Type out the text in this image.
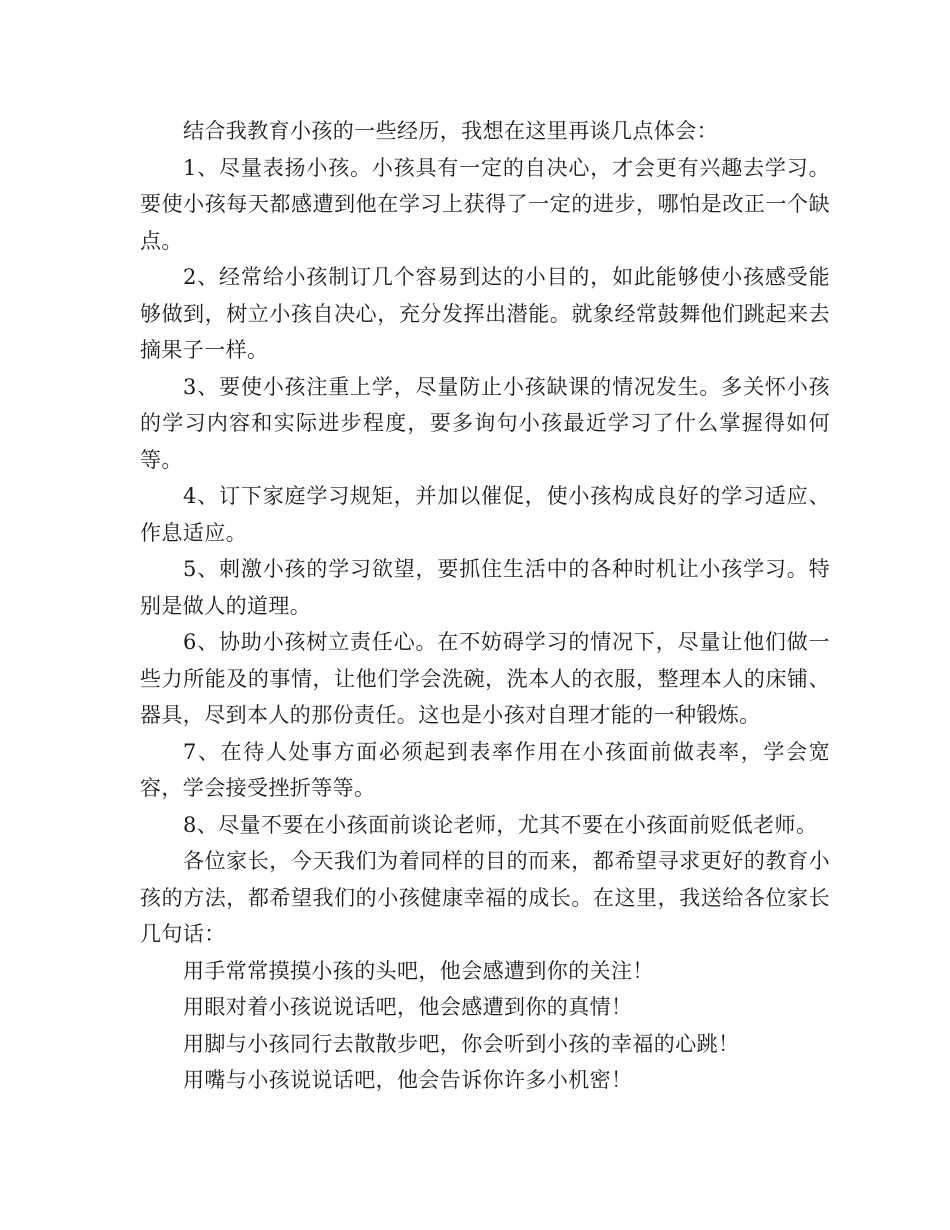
结合我教育小孩的一些经历，我想在这里再谈几点体会：

1、尽量表扬小孩。小孩具有一定的自决心，才会更有兴趣去学习。要使小孩每天都感遭到他在学习上获得了一定的进步，哪怕是改正一个缺点。

2、经常给小孩制订几个容易到达的小目的，如此能够使小孩感受能够做到，树立小孩自决心，充分发挥出潜能。就象经常鼓舞他们跳起来去摘果子一样。

3、要使小孩注重上学，尽量防止小孩缺课的情况发生。多关怀小孩的学习内容和实际进步程度，要多询句小孩最近学习了什么掌握得如何等。

4、订下家庭学习规矩，并加以催促，使小孩构成良好的学习适应、作息适应。

5、刺激小孩的学习欲望，要抓住生活中的各种时机让小孩学习。特别是做人的道理。

6、协助小孩树立责任心。在不妨碍学习的情况下，尽量让他们做一些力所能及的事情，让他们学会洗碗，洗本人的衣服，整理本人的床铺、器具，尽到本人的那份责任。这也是小孩对自理才能的一种锻炼。

7、在待人处事方面必须起到表率作用在小孩面前做表率，学会宽容，学会接受挫折等等。

8、尽量不要在小孩面前谈论老师，尤其不要在小孩面前贬低老师。

各位家长，今天我们为着同样的目的而来，都希望寻求更好的教育小孩的方法，都希望我们的小孩健康幸福的成长。在这里，我送给各位家长几句话：

用手常常摸摸小孩的头吧，他会感遭到你的关注！

用眼对着小孩说说话吧，他会感遭到你的真情！

用脚与小孩同行去散散步吧，你会听到小孩的幸福的心跳！

用嘴与小孩说说话吧，他会告诉你许多小机密！
